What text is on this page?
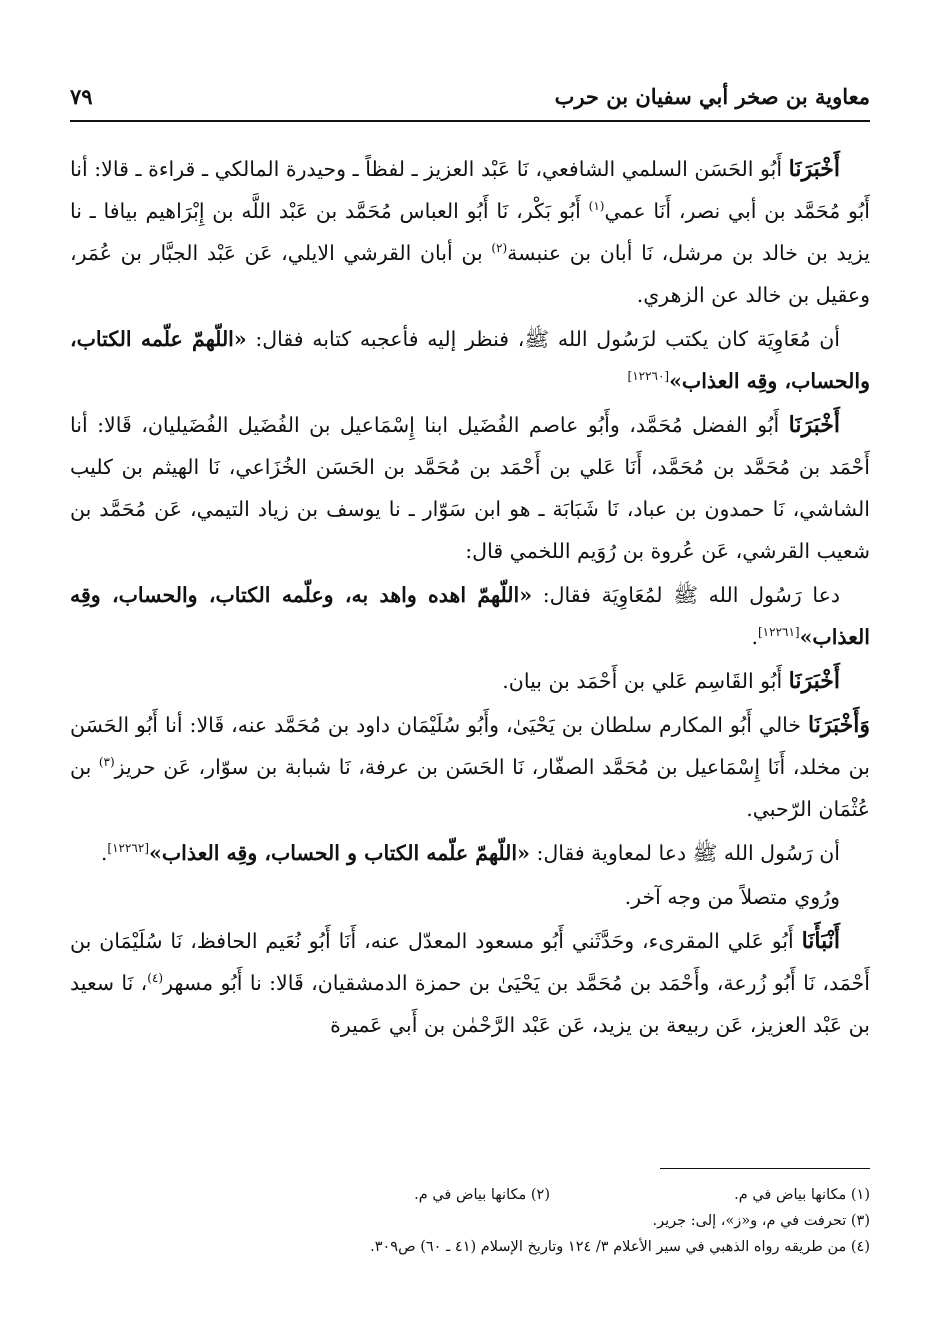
معاوية بن صخر أبي سفيان بن حرب
٧٩

أَخْبَرَنَا أَبُو الحَسَن السلمي الشافعي، نَا عَبْد العزيز ـ لفظاً ـ وحيدرة المالكي ـ قراءة ـ قالا: أنا أَبُو مُحَمَّد بن أبي نصر، أَنَا عمي$^{(١)}$ أَبُو بَكْر، نَا أَبُو العباس مُحَمَّد بن عَبْد اللَّه بن إِبْرَاهيم بيافا ـ نا يزيد بن خالد بن مرشل، نَا أبان بن عنبسة$^{(٢)}$ بن أبان القرشي الايلي، عَن عَبْد الجبَّار بن عُمَر، وعقيل بن خالد عن الزهري.

أن مُعَاوِيَة كان يكتب لرَسُول الله ﷺ، فنظر إليه فأعجبه كتابه فقال: «اللّهمّ علّمه الكتاب، والحساب، وقِه العذاب»[١٢٢٦٠]

أَخْبَرَنَا أَبُو الفضل مُحَمَّد، وأَبُو عاصم الفُضَيل ابنا إِسْمَاعيل بن الفُضَيل الفُضَيليان، قَالا: أنا أَحْمَد بن مُحَمَّد بن مُحَمَّد، أَنَا عَلي بن أَحْمَد بن مُحَمَّد بن الحَسَن الخُزَاعي، نَا الهيثم بن كليب الشاشي، نَا حمدون بن عباد، نَا شَبَابَة ـ هو ابن سَوّار ـ نا يوسف بن زياد التيمي، عَن مُحَمَّد بن شعيب القرشي، عَن عُروة بن رُوَيم اللخمي قال:

دعا رَسُول الله ﷺ لمُعَاوِيَة فقال: «اللّهمّ اهده واهد به، وعلّمه الكتاب، والحساب، وقِه العذاب»[١٢٢٦١].

أَخْبَرَنَا أَبُو القَاسِم عَلي بن أَحْمَد بن بيان.

وَأَخْبَرَنَا خالي أَبُو المكارم سلطان بن يَحْيَىٰ، وأَبُو سُلَيْمَان داود بن مُحَمَّد عنه، قَالا: أنا أَبُو الحَسَن بن مخلد، أَنَا إِسْمَاعيل بن مُحَمَّد الصفّار، نَا الحَسَن بن عرفة، نَا شبابة بن سوّار، عَن حريز$^{(٣)}$ بن عُثْمَان الرّحبي.

أن رَسُول الله ﷺ دعا لمعاوية فقال: «اللّهمّ علّمه الكتاب و الحساب، وقِه العذاب»[١٢٢٦٢].

ورُوي متصلاً من وجه آخر.

أَنْبَأَنَا أَبُو عَلي المقرىء، وحَدَّثَني أَبُو مسعود المعدّل عنه، أَنَا أَبُو نُعَيم الحافظ، نَا سُلَيْمَان بن أَحْمَد، نَا أَبُو زُرعة، وأَحْمَد بن مُحَمَّد بن يَحْيَىٰ بن حمزة الدمشقيان، قَالا: نا أَبُو مسهر$^{(٤)}$، نَا سعيد بن عَبْد العزيز، عَن ربيعة بن يزيد، عَن عَبْد الرَّحْمٰن بن أَبي عَميرة

(١) مكانها بياض في م.
(٢) مكانها بياض في م.
(٣) تحرفت في م، و«ز»، إلى: جرير.
(٤) من طريقه رواه الذهبي في سير الأعلام ٣/ ١٢٤ وتاريخ الإسلام (٤١ ـ ٦٠) ص٣٠٩.
